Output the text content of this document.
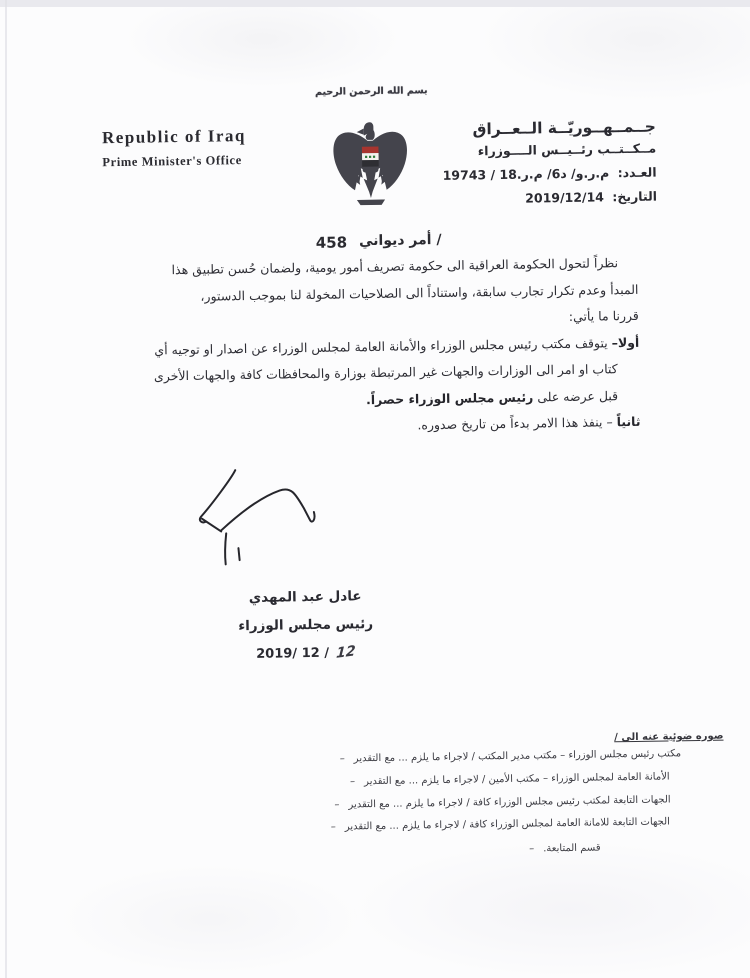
Republic of Iraq
Prime Minister's Office
بسم الله الرحمن الرحيم
جــمــهــوريّــة الــعــراق
مــكــتــب رئــيــس الــــوزراء
العـدد: م.ر.و/ د6/ م.ر.18 / 19743
التاريخ: 2019/12/14
أمر ديواني /
458
نظراً لتحول الحكومة العراقية الى حكومة تصريف أمور يومية، ولضمان حُسن تطبيق هذا
المبدأ وعدم تكرار تجارب سابقة، واستناداً الى الصلاحيات المخولة لنا بموجب الدستور،
قررنا ما يأتي:
أولا– يتوقف مكتب رئيس مجلس الوزراء والأمانة العامة لمجلس الوزراء عن اصدار او توجيه أي
كتاب او امر الى الوزارات والجهات غير المرتبطة بوزارة والمحافظات كافة والجهات الأخرى
قبل عرضه على رئيس مجلس الوزراء حصراً.
ثانياً – ينفذ هذا الامر بدءاً من تاريخ صدوره.
عادل عبد المهدي
رئيس مجلس الوزراء
2019/ 12 / 12
صوره ضوئية عنه الى /
– مكتب رئيس مجلس الوزراء – مكتب مدير المكتب / لاجراء ما يلزم ... مع التقدير
– الأمانة العامة لمجلس الوزراء – مكتب الأمين / لاجراء ما يلزم ... مع التقدير
– الجهات التابعة لمكتب رئيس مجلس الوزراء كافة / لاجراء ما يلزم ... مع التقدير
– الجهات التابعة للامانة العامة لمجلس الوزراء كافة / لاجراء ما يلزم ... مع التقدير
– قسم المتابعة.
